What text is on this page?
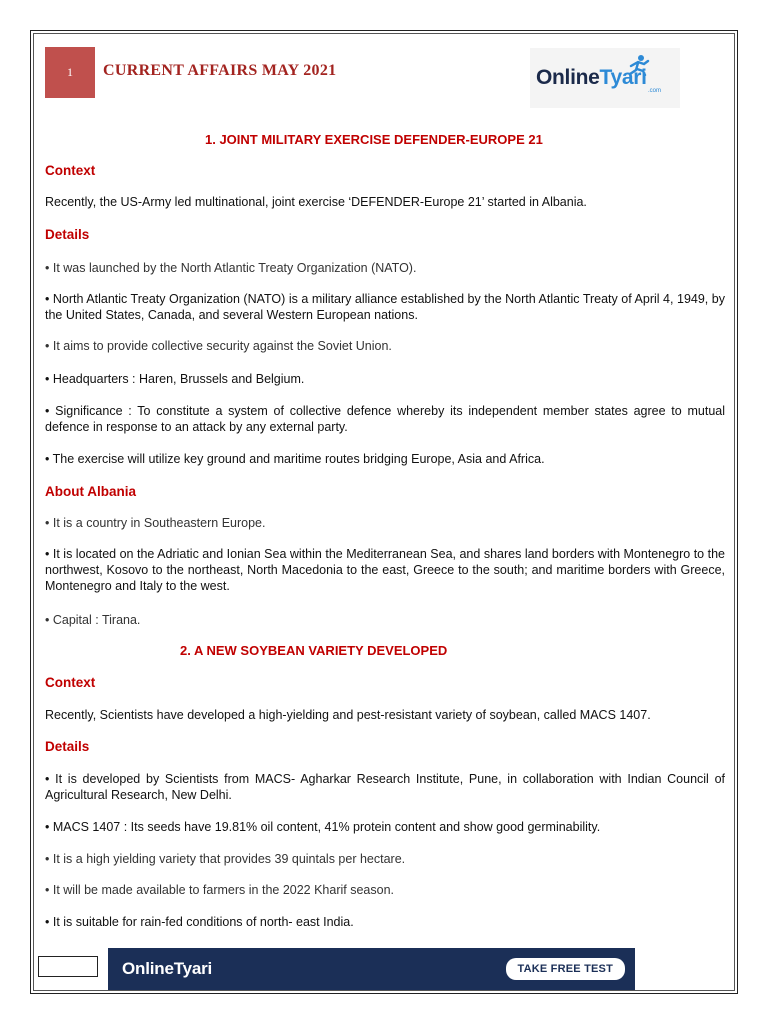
1	CURRENT AFFAIRS MAY 2021	OnlineTyari
.com
1. JOINT MILITARY EXERCISE DEFENDER-EUROPE 21
Context
Recently, the US-Army led multinational, joint exercise ‘DEFENDER-Europe 21’ started in Albania.
Details
• It was launched by the North Atlantic Treaty Organization (NATO).
• North Atlantic Treaty Organization (NATO) is a military alliance established by the North Atlantic Treaty of April 4, 1949, by the United States, Canada, and several Western European nations.
• It aims to provide collective security against the Soviet Union.
• Headquarters : Haren, Brussels and Belgium.
• Significance : To constitute a system of collective defence whereby its independent member states agree to mutual defence in response to an attack by any external party.
• The exercise will utilize key ground and maritime routes bridging Europe, Asia and Africa.
About Albania
• It is a country in Southeastern Europe.
• It is located on the Adriatic and Ionian Sea within the Mediterranean Sea, and shares land borders with Montenegro to the northwest, Kosovo to the northeast, North Macedonia to the east, Greece to the south; and maritime borders with Greece, Montenegro and Italy to the west.
• Capital : Tirana.
2. A NEW SOYBEAN VARIETY DEVELOPED
Context
Recently, Scientists have developed a high-yielding and pest-resistant variety of soybean, called MACS 1407.
Details
• It is developed by Scientists from MACS- Agharkar Research Institute, Pune, in collaboration with Indian Council of Agricultural Research, New Delhi.
• MACS 1407 : Its seeds have 19.81% oil content, 41% protein content and show good germinability.
• It is a high yielding variety that provides 39 quintals per hectare.
• It will be made available to farmers in the 2022 Kharif season.
• It is suitable for rain-fed conditions of north- east India.
OnlineTyari	TAKE FREE TEST
